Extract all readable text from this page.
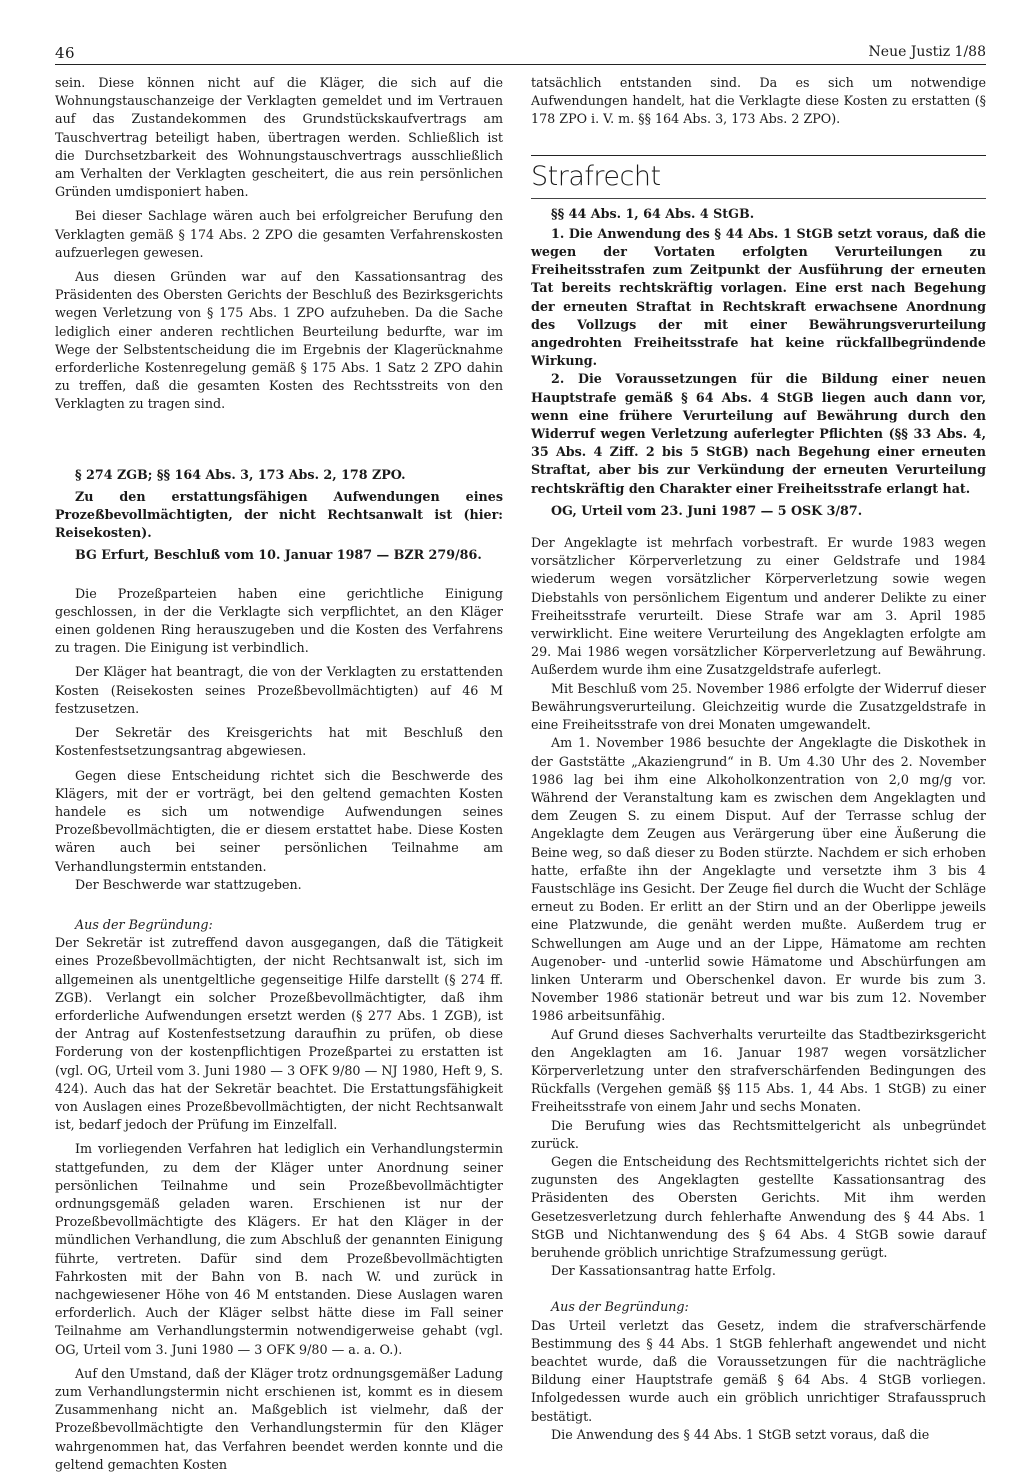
46	Neue Justiz 1/88

sein. Diese können nicht auf die Kläger, die sich auf die Wohnungstauschanzeige der Verklagten gemeldet und im Vertrauen auf das Zustandekommen des Grundstückskaufvertrags am Tauschvertrag beteiligt haben, übertragen werden. Schließlich ist die Durchsetzbarkeit des Wohnungstauschvertrags ausschließlich am Verhalten der Verklagten gescheitert, die aus rein persönlichen Gründen umdisponiert haben.

Bei dieser Sachlage wären auch bei erfolgreicher Berufung den Verklagten gemäß § 174 Abs. 2 ZPO die gesamten Verfahrenskosten aufzuerlegen gewesen.

Aus diesen Gründen war auf den Kassationsantrag des Präsidenten des Obersten Gerichts der Beschluß des Bezirksgerichts wegen Verletzung von § 175 Abs. 1 ZPO aufzuheben. Da die Sache lediglich einer anderen rechtlichen Beurteilung bedurfte, war im Wege der Selbstentscheidung die im Ergebnis der Klagerücknahme erforderliche Kostenregelung gemäß § 175 Abs. 1 Satz 2 ZPO dahin zu treffen, daß die gesamten Kosten des Rechtsstreits von den Verklagten zu tragen sind.

§ 274 ZGB; §§ 164 Abs. 3, 173 Abs. 2, 178 ZPO.

Zu den erstattungsfähigen Aufwendungen eines Prozeßbevollmächtigten, der nicht Rechtsanwalt ist (hier: Reisekosten).

BG Erfurt, Beschluß vom 10. Januar 1987 — BZR 279/86.

Die Prozeßparteien haben eine gerichtliche Einigung geschlossen, in der die Verklagte sich verpflichtet, an den Kläger einen goldenen Ring herauszugeben und die Kosten des Verfahrens zu tragen. Die Einigung ist verbindlich.

Der Kläger hat beantragt, die von der Verklagten zu erstattenden Kosten (Reisekosten seines Prozeßbevollmächtigten) auf 46 M festzusetzen.

Der Sekretär des Kreisgerichts hat mit Beschluß den Kostenfestsetzungsantrag abgewiesen.

Gegen diese Entscheidung richtet sich die Beschwerde des Klägers, mit der er vorträgt, bei den geltend gemachten Kosten handele es sich um notwendige Aufwendungen seines Prozeßbevollmächtigten, die er diesem erstattet habe. Diese Kosten wären auch bei seiner persönlichen Teilnahme am Verhandlungstermin entstanden.

Der Beschwerde war stattzugeben.

Aus der Begründung:

Der Sekretär ist zutreffend davon ausgegangen, daß die Tätigkeit eines Prozeßbevollmächtigten, der nicht Rechtsanwalt ist, sich im allgemeinen als unentgeltliche gegenseitige Hilfe darstellt (§ 274 ff. ZGB). Verlangt ein solcher Prozeßbevollmächtigter, daß ihm erforderliche Aufwendungen ersetzt werden (§ 277 Abs. 1 ZGB), ist der Antrag auf Kostenfestsetzung daraufhin zu prüfen, ob diese Forderung von der kostenpflichtigen Prozeßpartei zu erstatten ist (vgl. OG, Urteil vom 3. Juni 1980 — 3 OFK 9/80 — NJ 1980, Heft 9, S. 424). Auch das hat der Sekretär beachtet. Die Erstattungsfähigkeit von Auslagen eines Prozeßbevollmächtigten, der nicht Rechtsanwalt ist, bedarf jedoch der Prüfung im Einzelfall.

Im vorliegenden Verfahren hat lediglich ein Verhandlungstermin stattgefunden, zu dem der Kläger unter Anordnung seiner persönlichen Teilnahme und sein Prozeßbevollmächtigter ordnungsgemäß geladen waren. Erschienen ist nur der Prozeßbevollmächtigte des Klägers. Er hat den Kläger in der mündlichen Verhandlung, die zum Abschluß der genannten Einigung führte, vertreten. Dafür sind dem Prozeßbevollmächtigten Fahrkosten mit der Bahn von B. nach W. und zurück in nachgewiesener Höhe von 46 M entstanden. Diese Auslagen waren erforderlich. Auch der Kläger selbst hätte diese im Fall seiner Teilnahme am Verhandlungstermin notwendigerweise gehabt (vgl. OG, Urteil vom 3. Juni 1980 — 3 OFK 9/80 — a. a. O.).

Auf den Umstand, daß der Kläger trotz ordnungsgemäßer Ladung zum Verhandlungstermin nicht erschienen ist, kommt es in diesem Zusammenhang nicht an. Maßgeblich ist vielmehr, daß der Prozeßbevollmächtigte den Verhandlungstermin für den Kläger wahrgenommen hat, das Verfahren beendet werden konnte und die geltend gemachten Kosten

tatsächlich entstanden sind. Da es sich um notwendige Aufwendungen handelt, hat die Verklagte diese Kosten zu erstatten (§ 178 ZPO i. V. m. §§ 164 Abs. 3, 173 Abs. 2 ZPO).

Strafrecht

§§ 44 Abs. 1, 64 Abs. 4 StGB.

1. Die Anwendung des § 44 Abs. 1 StGB setzt voraus, daß die wegen der Vortaten erfolgten Verurteilungen zu Freiheitsstrafen zum Zeitpunkt der Ausführung der erneuten Tat bereits rechtskräftig vorlagen. Eine erst nach Begehung der erneuten Straftat in Rechtskraft erwachsene Anordnung des Vollzugs der mit einer Bewährungsverurteilung angedrohten Freiheitsstrafe hat keine rückfallbegründende Wirkung.

2. Die Voraussetzungen für die Bildung einer neuen Hauptstrafe gemäß § 64 Abs. 4 StGB liegen auch dann vor, wenn eine frühere Verurteilung auf Bewährung durch den Widerruf wegen Verletzung auferlegter Pflichten (§§ 33 Abs. 4, 35 Abs. 4 Ziff. 2 bis 5 StGB) nach Begehung einer erneuten Straftat, aber bis zur Verkündung der erneuten Verurteilung rechtskräftig den Charakter einer Freiheitsstrafe erlangt hat.

OG, Urteil vom 23. Juni 1987 — 5 OSK 3/87.

Der Angeklagte ist mehrfach vorbestraft. Er wurde 1983 wegen vorsätzlicher Körperverletzung zu einer Geldstrafe und 1984 wiederum wegen vorsätzlicher Körperverletzung sowie wegen Diebstahls von persönlichem Eigentum und anderer Delikte zu einer Freiheitsstrafe verurteilt. Diese Strafe war am 3. April 1985 verwirklicht. Eine weitere Verurteilung des Angeklagten erfolgte am 29. Mai 1986 wegen vorsätzlicher Körperverletzung auf Bewährung. Außerdem wurde ihm eine Zusatzgeldstrafe auferlegt.

Mit Beschluß vom 25. November 1986 erfolgte der Widerruf dieser Bewährungsverurteilung. Gleichzeitig wurde die Zusatzgeldstrafe in eine Freiheitsstrafe von drei Monaten umgewandelt.

Am 1. November 1986 besuchte der Angeklagte die Diskothek in der Gaststätte „Akaziengrund“ in B. Um 4.30 Uhr des 2. November 1986 lag bei ihm eine Alkoholkonzentration von 2,0 mg/g vor. Während der Veranstaltung kam es zwischen dem Angeklagten und dem Zeugen S. zu einem Disput. Auf der Terrasse schlug der Angeklagte dem Zeugen aus Verärgerung über eine Äußerung die Beine weg, so daß dieser zu Boden stürzte. Nachdem er sich erhoben hatte, erfaßte ihn der Angeklagte und versetzte ihm 3 bis 4 Faustschläge ins Gesicht. Der Zeuge fiel durch die Wucht der Schläge erneut zu Boden. Er erlitt an der Stirn und an der Oberlippe jeweils eine Platzwunde, die genäht werden mußte. Außerdem trug er Schwellungen am Auge und an der Lippe, Hämatome am rechten Augenober- und -unterlid sowie Hämatome und Abschürfungen am linken Unterarm und Oberschenkel davon. Er wurde bis zum 3. November 1986 stationär betreut und war bis zum 12. November 1986 arbeitsunfähig.

Auf Grund dieses Sachverhalts verurteilte das Stadtbezirksgericht den Angeklagten am 16. Januar 1987 wegen vorsätzlicher Körperverletzung unter den strafverschärfenden Bedingungen des Rückfalls (Vergehen gemäß §§ 115 Abs. 1, 44 Abs. 1 StGB) zu einer Freiheitsstrafe von einem Jahr und sechs Monaten.

Die Berufung wies das Rechtsmittelgericht als unbegründet zurück.

Gegen die Entscheidung des Rechtsmittelgerichts richtet sich der zugunsten des Angeklagten gestellte Kassationsantrag des Präsidenten des Obersten Gerichts. Mit ihm werden Gesetzesverletzung durch fehlerhafte Anwendung des § 44 Abs. 1 StGB und Nichtanwendung des § 64 Abs. 4 StGB sowie darauf beruhende gröblich unrichtige Strafzumessung gerügt.

Der Kassationsantrag hatte Erfolg.

Aus der Begründung:

Das Urteil verletzt das Gesetz, indem die strafverschärfende Bestimmung des § 44 Abs. 1 StGB fehlerhaft angewendet und nicht beachtet wurde, daß die Voraussetzungen für die nachträgliche Bildung einer Hauptstrafe gemäß § 64 Abs. 4 StGB vorliegen. Infolgedessen wurde auch ein gröblich unrichtiger Strafausspruch bestätigt.

Die Anwendung des § 44 Abs. 1 StGB setzt voraus, daß die
